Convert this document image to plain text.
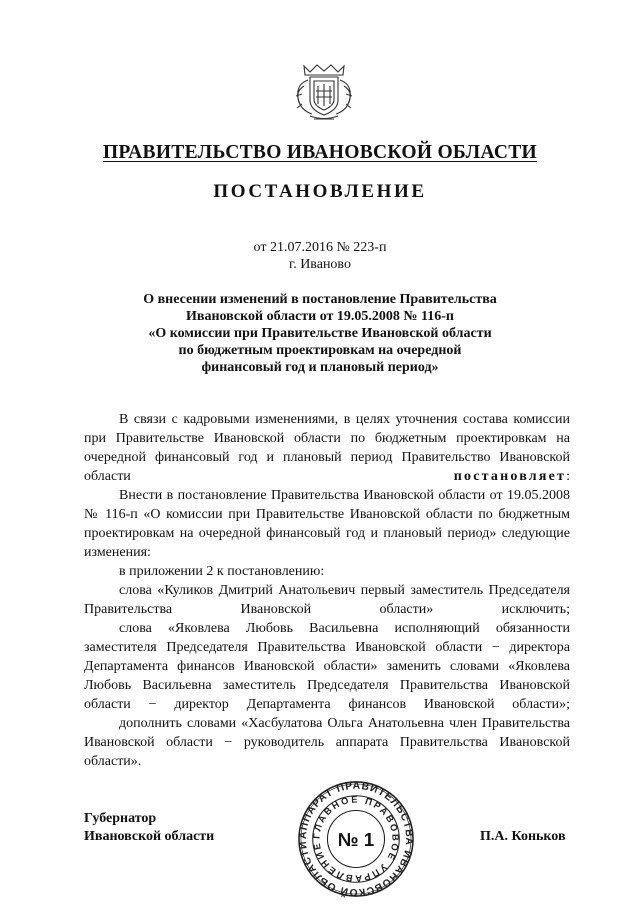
ПРАВИТЕЛЬСТВО ИВАНОВСКОЙ ОБЛАСТИ
ПОСТАНОВЛЕНИЕ
от 21.07.2016 № 223-п
г. Иваново
О внесении изменений в постановление Правительства
Ивановской области от 19.05.2008 № 116-п
«О комиссии при Правительстве Ивановской области
по бюджетным проектировкам на очередной
финансовый год и плановый период»

В связи с кадровыми изменениями, в целях уточнения состава комиссии при Правительстве Ивановской области по бюджетным проектировкам на очередной финансовый год и плановый период Правительство Ивановской области	постановляет:

Внести в постановление Правительства Ивановской области от 19.05.2008 № 116-п «О комиссии при Правительстве Ивановской области по бюджетным проектировкам на очередной финансовый год и плановый период» следующие изменения:

в приложении 2 к постановлению:

слова «Куликов Дмитрий Анатольевич первый заместитель Председателя Правительства Ивановской области» исключить;

слова «Яковлева Любовь Васильевна исполняющий обязанности заместителя Председателя Правительства Ивановской области − директора Департамента финансов Ивановской области» заменить словами «Яковлева Любовь Васильевна заместитель Председателя Правительства Ивановской области − директор Департамента финансов Ивановской области»;

дополнить словами «Хасбулатова Ольга Анатольевна член Правительства Ивановской области − руководитель аппарата Правительства Ивановской области».

Губернатор
Ивановской области	П.А. Коньков
АППАРАТ ПРАВИТЕЛЬСТВА ИВАНОВСКОЙ ОБЛАСТИ
ГЛАВНОЕ ПРАВОВОЕ УПРАВЛЕНИЕ № 1
